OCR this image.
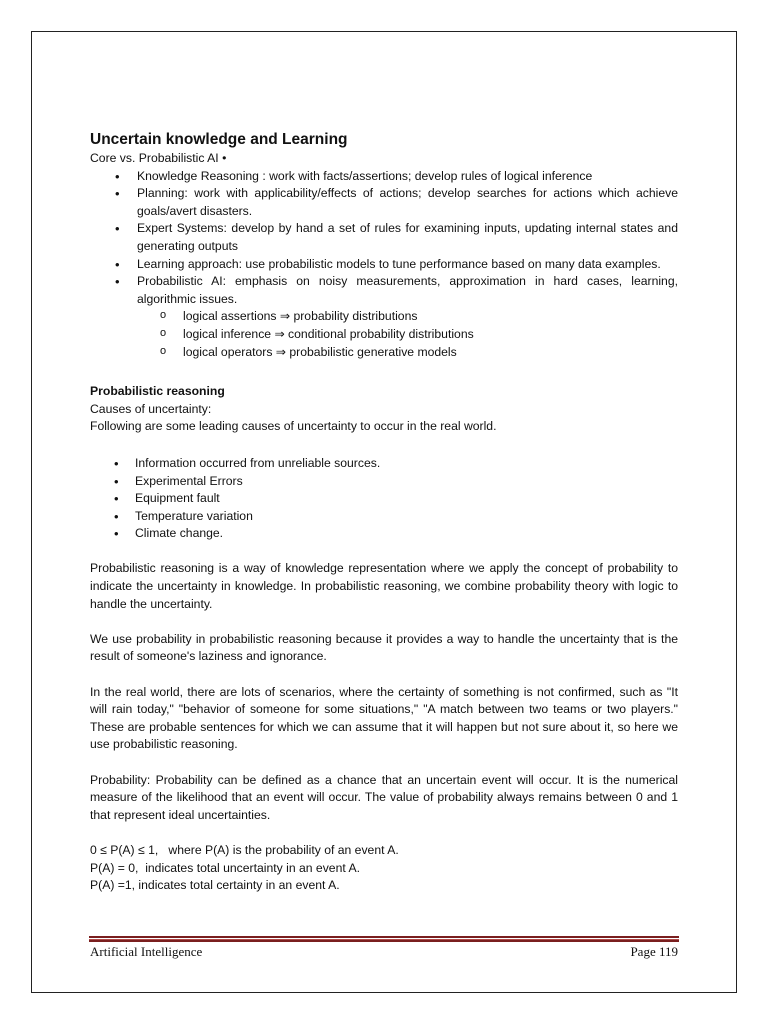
Uncertain knowledge and Learning

Core vs. Probabilistic AI •

• Knowledge Reasoning : work with facts/assertions; develop rules of logical inference
• Planning: work with applicability/effects of actions; develop searches for actions which achieve goals/avert disasters.
• Expert Systems: develop by hand a set of rules for examining inputs, updating internal states and generating outputs
• Learning approach: use probabilistic models to tune performance based on many data examples.
• Probabilistic AI: emphasis on noisy measurements, approximation in hard cases, learning, algorithmic issues.
o logical assertions ⇒ probability distributions
o logical inference ⇒ conditional probability distributions
o logical operators ⇒ probabilistic generative models
Probabilistic reasoning

Causes of uncertainty:

Following are some leading causes of uncertainty to occur in the real world.

• Information occurred from unreliable sources.
• Experimental Errors
• Equipment fault
• Temperature variation
• Climate change.

Probabilistic reasoning is a way of knowledge representation where we apply the concept of probability to indicate the uncertainty in knowledge. In probabilistic reasoning, we combine probability theory with logic to handle the uncertainty.

We use probability in probabilistic reasoning because it provides a way to handle the uncertainty that is the result of someone's laziness and ignorance.

In the real world, there are lots of scenarios, where the certainty of something is not confirmed, such as "It will rain today," "behavior of someone for some situations," "A match between two teams or two players." These are probable sentences for which we can assume that it will happen but not sure about it, so here we use probabilistic reasoning.

Probability: Probability can be defined as a chance that an uncertain event will occur. It is the numerical measure of the likelihood that an event will occur. The value of probability always remains between 0 and 1 that represent ideal uncertainties.

0 ≤ P(A) ≤ 1,   where P(A) is the probability of an event A.

P(A) = 0,  indicates total uncertainty in an event A.

P(A) =1, indicates total certainty in an event A.

Artificial Intelligence	Page 119
